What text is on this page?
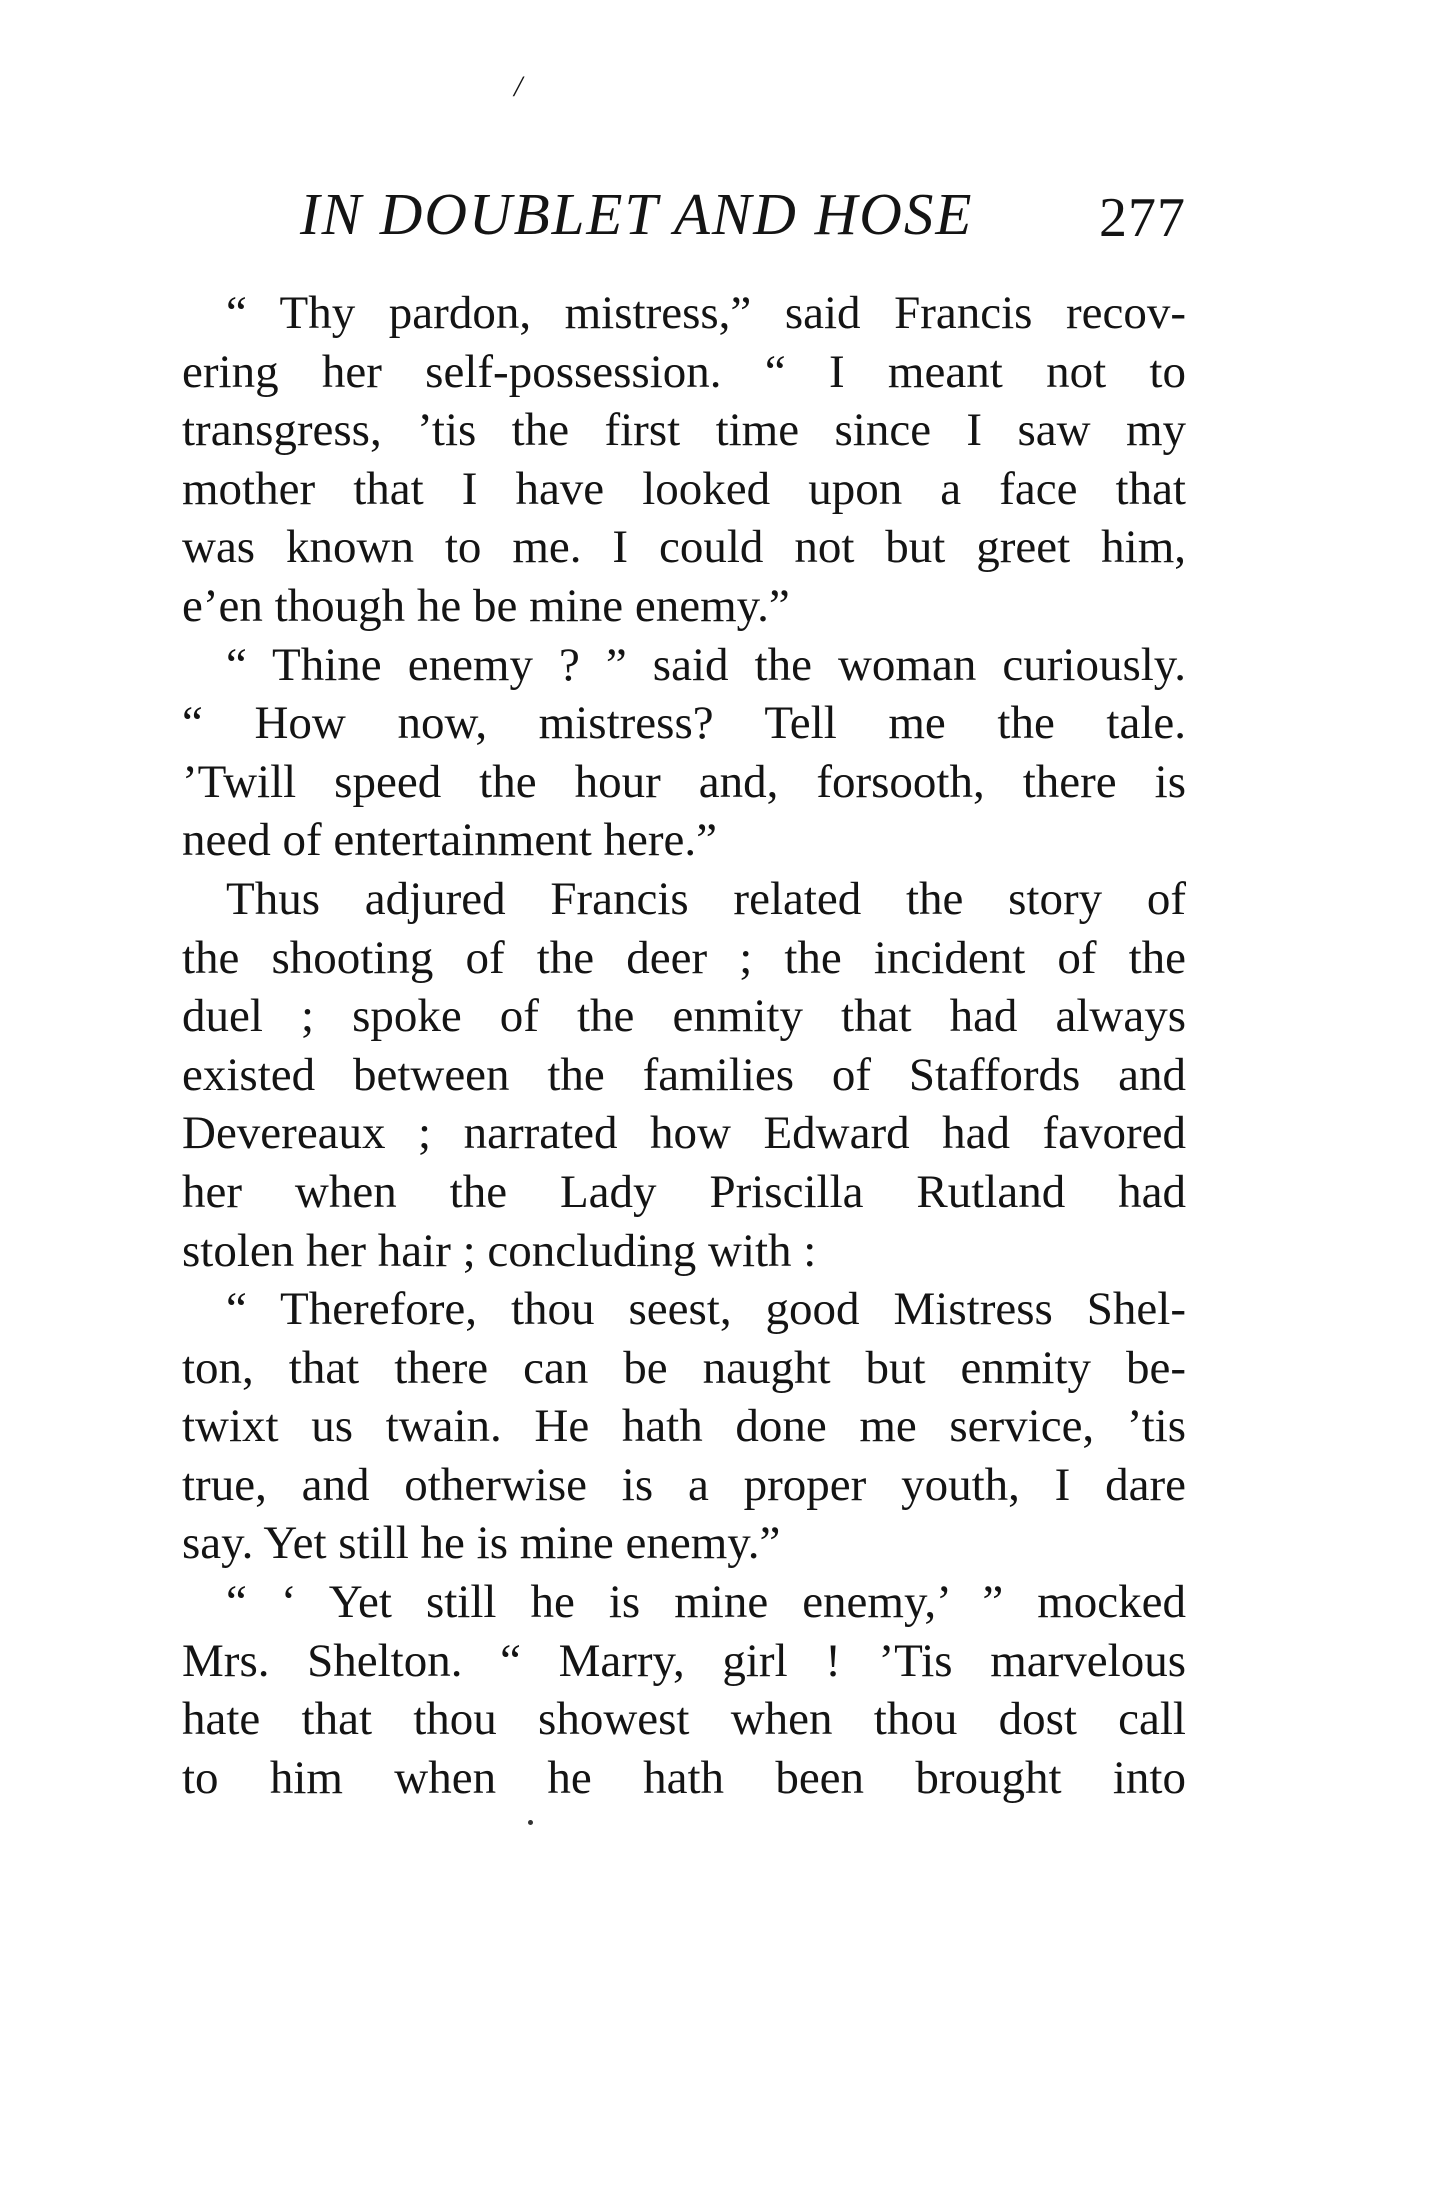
/
IN DOUBLET AND HOSE 277
“ Thy pardon, mistress,” said Francis recov-
ering her self-possession. “ I meant not to
transgress, ’tis the first time since I saw my
mother that I have looked upon a face that
was known to me. I could not but greet him,
e’en though he be mine enemy.”
“ Thine enemy ? ” said the woman curiously.
“ How now, mistress? Tell me the tale.
’Twill speed the hour and, forsooth, there is
need of entertainment here.”
Thus adjured Francis related the story of
the shooting of the deer ; the incident of the
duel ; spoke of the enmity that had always
existed between the families of Staffords and
Devereaux ; narrated how Edward had favored
her when the Lady Priscilla Rutland had
stolen her hair ; concluding with :
“ Therefore, thou seest, good Mistress Shel-
ton, that there can be naught but enmity be-
twixt us twain. He hath done me service, ’tis
true, and otherwise is a proper youth, I dare
say. Yet still he is mine enemy.”
“ ‘ Yet still he is mine enemy,’ ” mocked
Mrs. Shelton. “ Marry, girl ! ’Tis marvelous
hate that thou showest when thou dost call
to him when he hath been brought into
